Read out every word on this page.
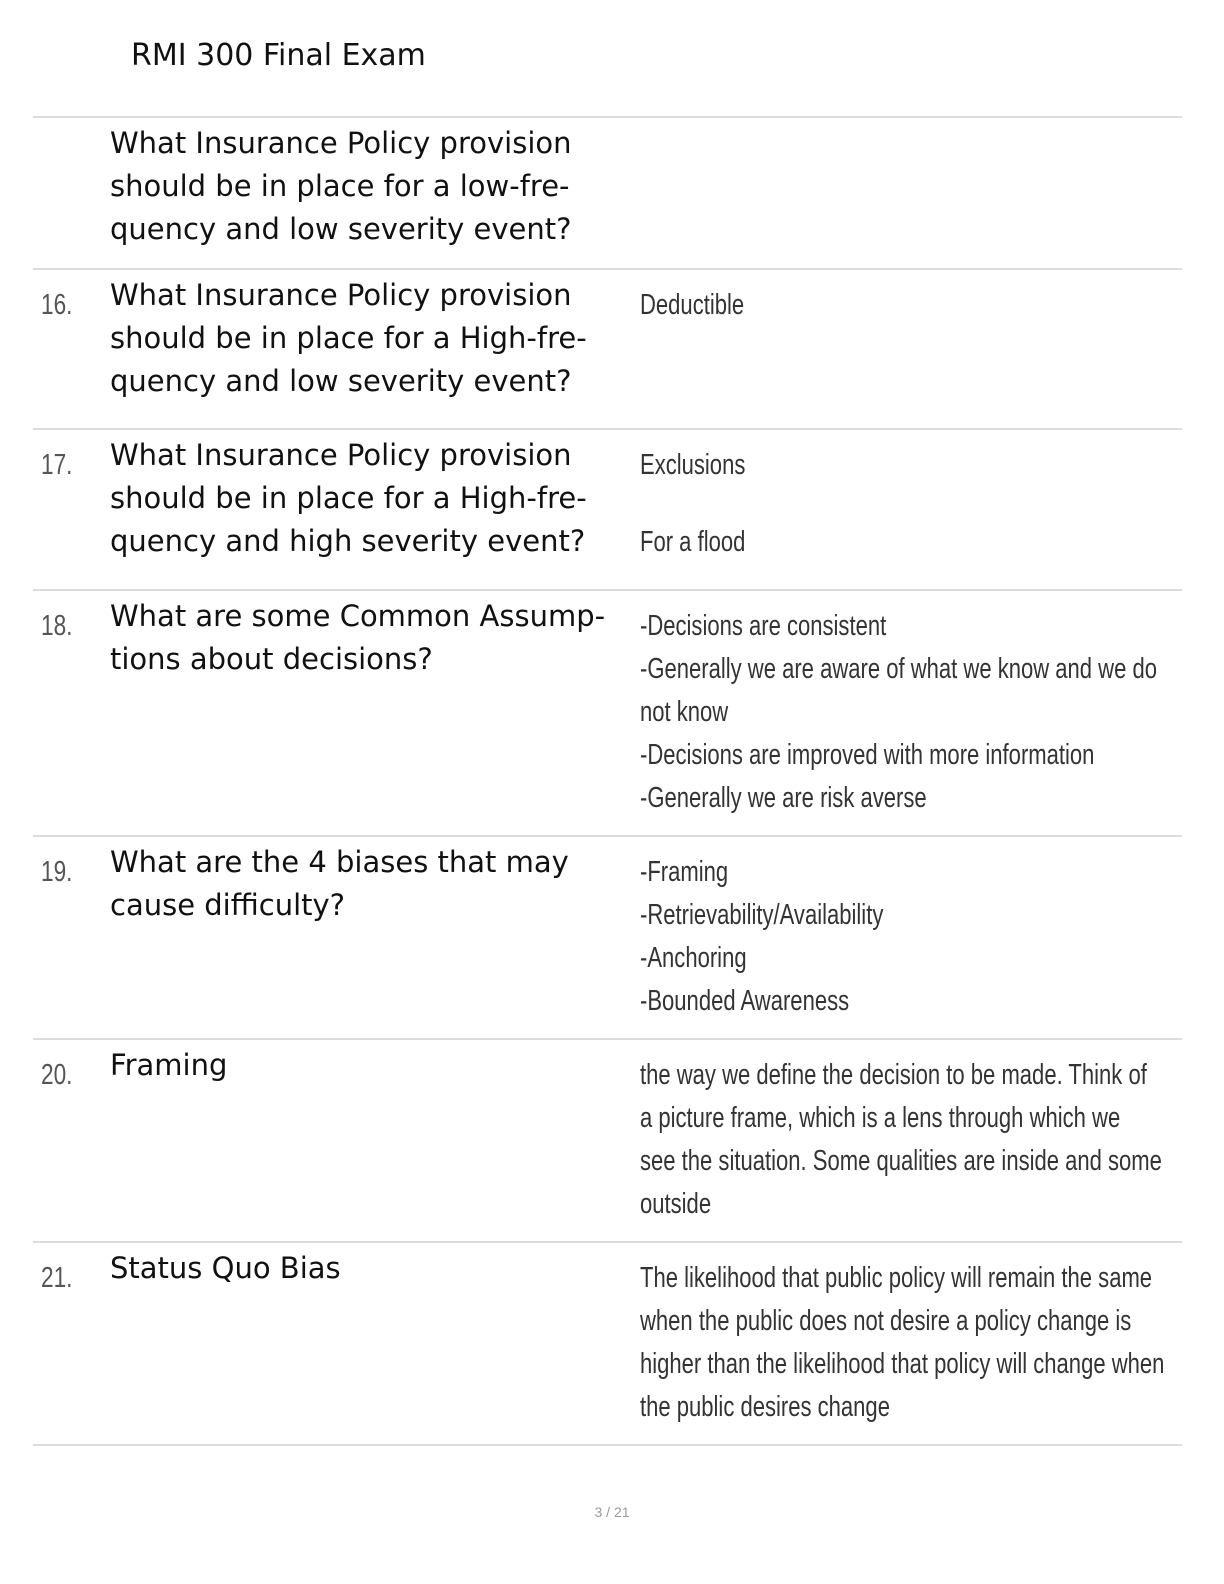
RMI 300 Final Exam
What Insurance Policy provision should be in place for a low-fre- quency and low severity event?
16. What Insurance Policy provision should be in place for a High-fre- quency and low severity event?
Deductible
17. What Insurance Policy provision should be in place for a High-fre- quency and high severity event?
Exclusions
For a flood
18. What are some Common Assump- tions about decisions?
-Decisions are consistent
-Generally we are aware of what we know and we do
not know
-Decisions are improved with more information
-Generally we are risk averse
19. What are the 4 biases that may cause difficulty?
-Framing
-Retrievability/Availability
-Anchoring
-Bounded Awareness
20. Framing	the way we define the decision to be made. Think of
a picture frame, which is a lens through which we
see the situation. Some qualities are inside and some
outside
21. Status Quo Bias	The likelihood that public policy will remain the same
when the public does not desire a policy change is
higher than the likelihood that policy will change when
the public desires change
3 / 21
